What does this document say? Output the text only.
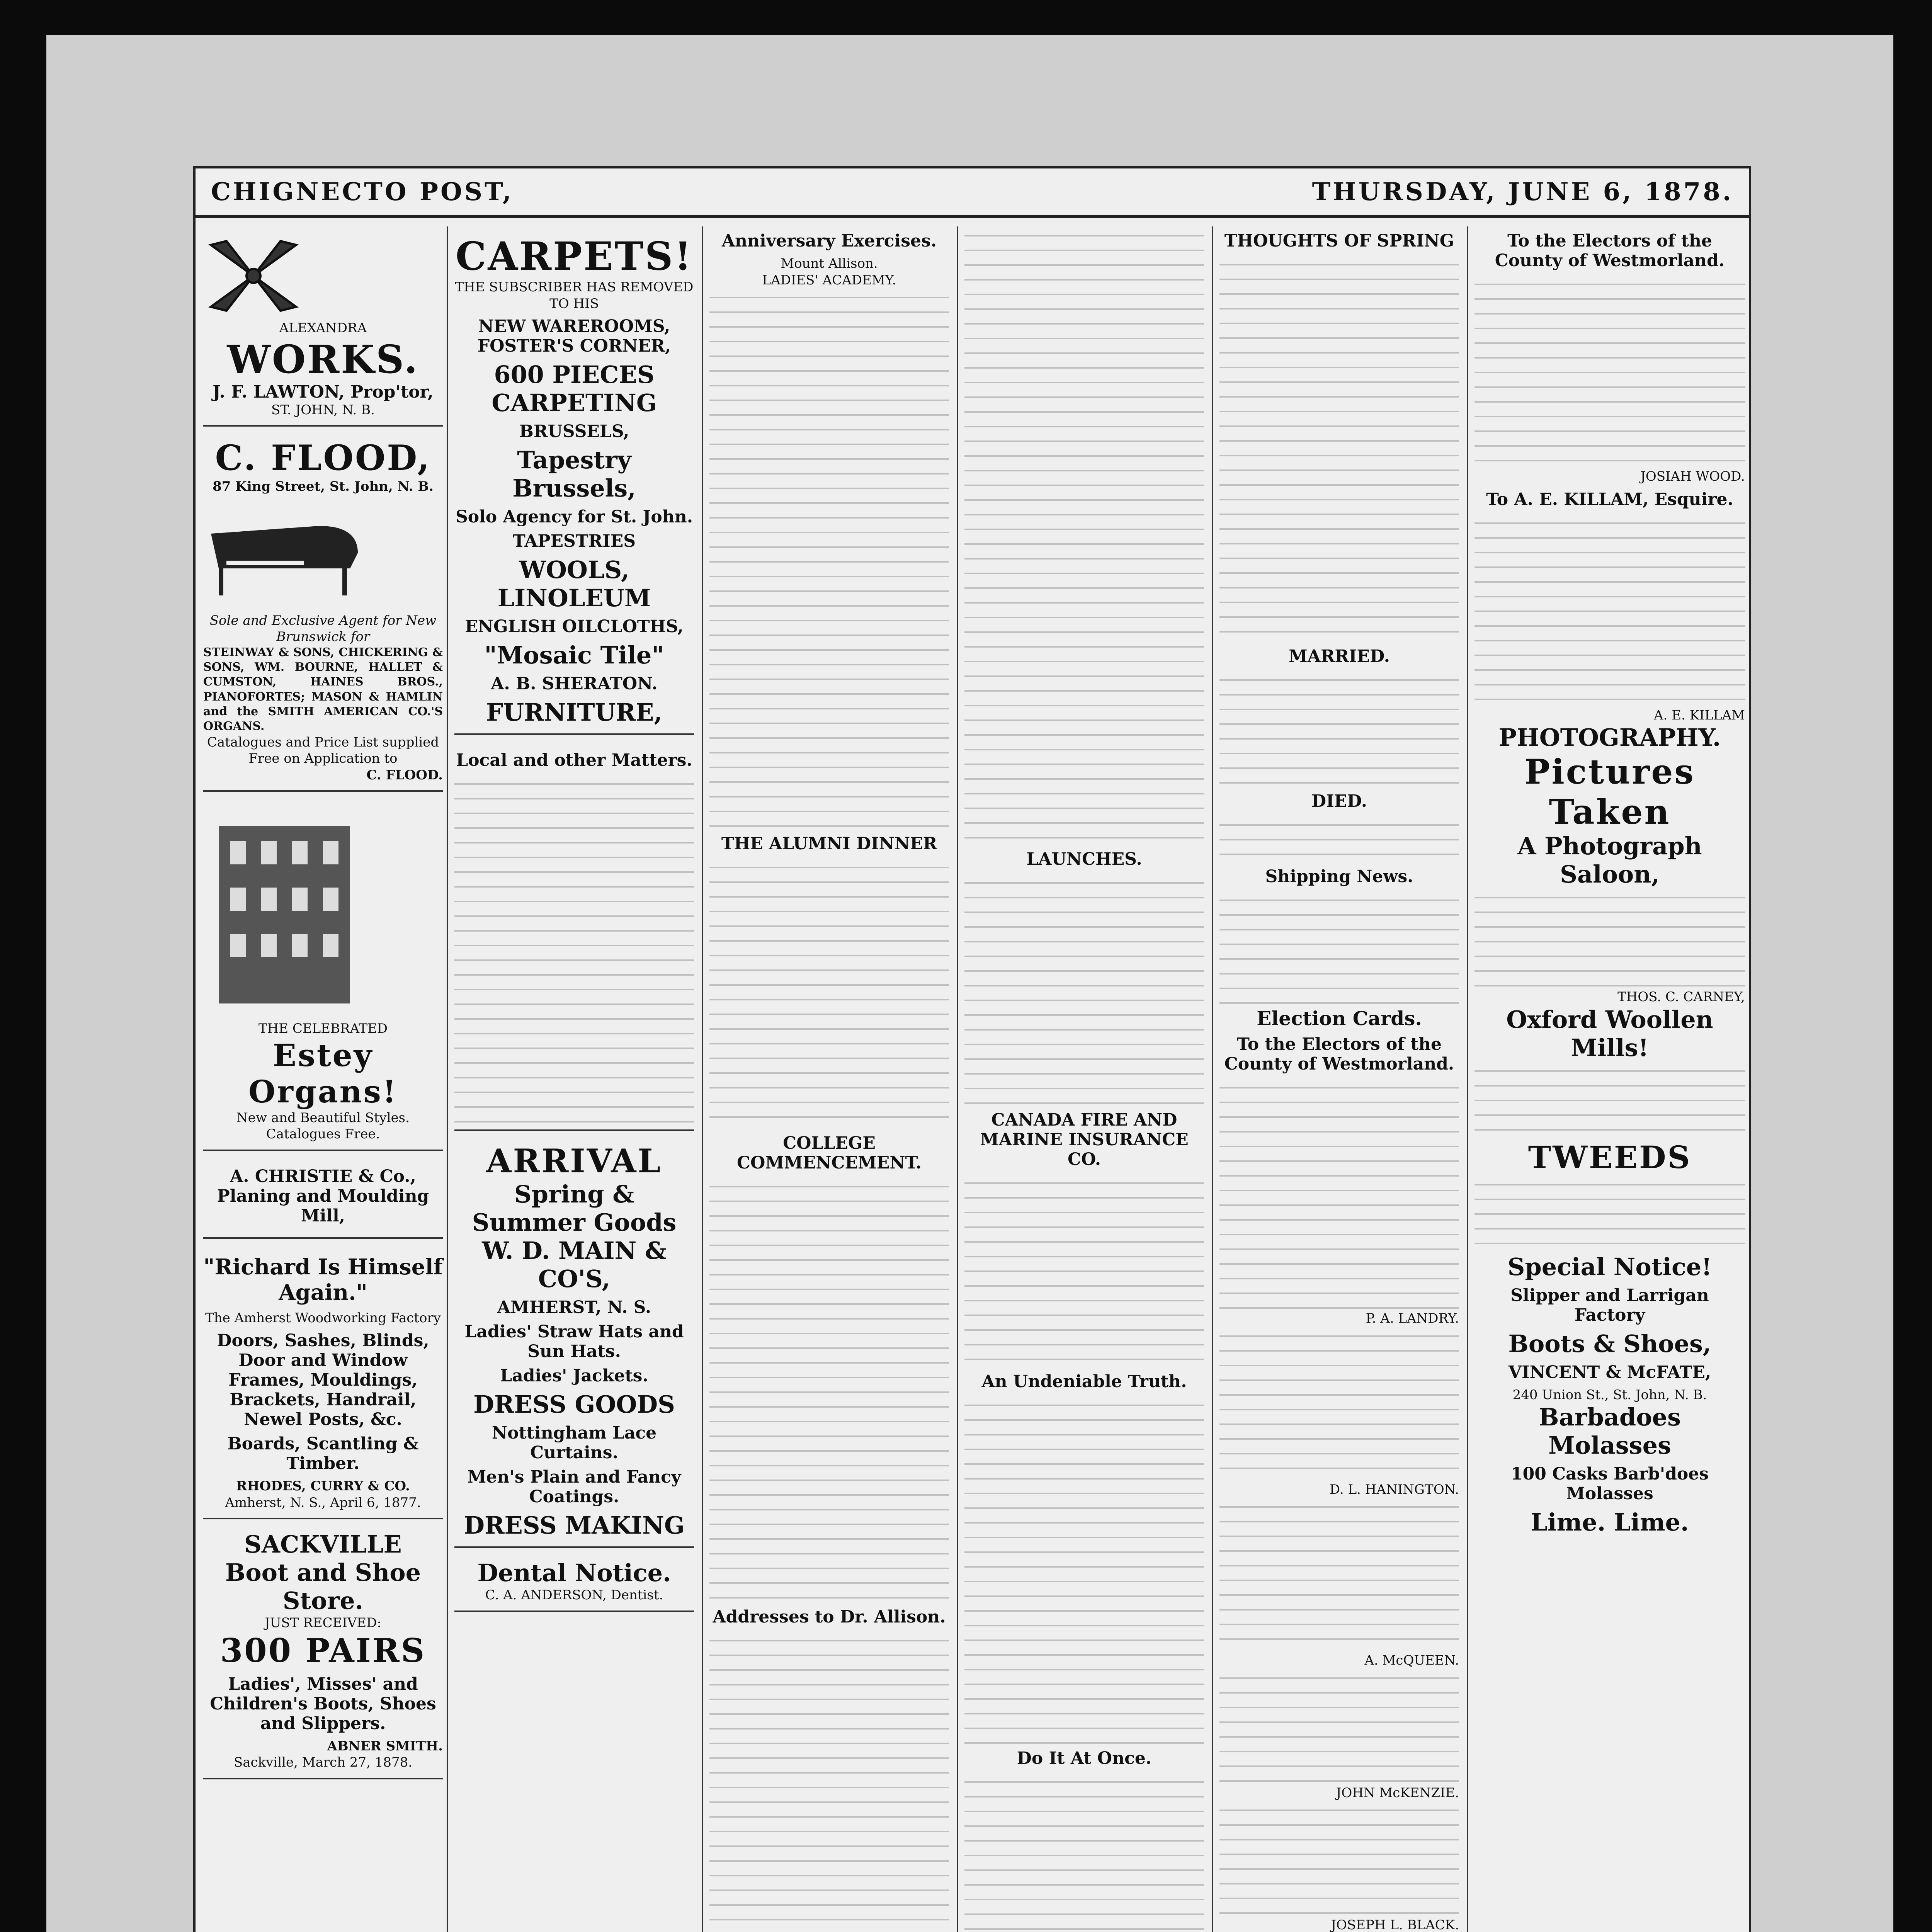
CHIGNECTO POST,	THURSDAY, JUNE 6, 1878.
ALEXANDRA
WORKS.
J. F. LAWTON, Prop'tor,
ST. JOHN, N. B.
C. FLOOD,
87 King Street, St. John, N. B.
Sole and Exclusive Agent for New Brunswick for
STEINWAY & SONS, CHICKERING & SONS, WM. BOURNE, HALLET & CUMSTON, HAINES BROS., PIANOFORTES; MASON & HAMLIN and the SMITH AMERICAN CO.'S ORGANS.
Catalogues and Price List supplied Free on Application to
C. FLOOD.
THE CELEBRATED
Estey Organs!
New and Beautiful Styles.
Catalogues Free.
A. CHRISTIE & Co., Planing and Moulding Mill,
"Richard Is Himself Again."
The Amherst Woodworking Factory
Doors, Sashes, Blinds, Door and Window Frames, Mouldings, Brackets, Handrail, Newel Posts, &c.
Boards, Scantling & Timber.
RHODES, CURRY & CO.
Amherst, N. S., April 6, 1877.
SACKVILLE
Boot and Shoe Store.
JUST RECEIVED:
300 PAIRS
Ladies', Misses' and Children's Boots, Shoes and Slippers.
ABNER SMITH.
Sackville, March 27, 1878.
CARPETS!
THE SUBSCRIBER HAS REMOVED TO HIS
NEW WAREROOMS, FOSTER'S CORNER,
600 PIECES
CARPETING
BRUSSELS,
Tapestry Brussels,
Solo Agency for St. John.
TAPESTRIES
WOOLS,
LINOLEUM
ENGLISH OILCLOTHS,
"Mosaic Tile"
A. B. SHERATON.
FURNITURE,
Local and other Matters.
ARRIVAL
Spring & Summer Goods
W. D. MAIN & CO'S,
AMHERST, N. S.
Ladies' Straw Hats and Sun Hats.
Ladies' Jackets.
DRESS GOODS
Nottingham Lace Curtains.
Men's Plain and Fancy Coatings.
DRESS MAKING
Dental Notice.
C. A. ANDERSON, Dentist.
Anniversary Exercises.
Mount Allison.
LADIES' ACADEMY.
THE ALUMNI DINNER
COLLEGE COMMENCEMENT.
Addresses to Dr. Allison.
LAUNCHES.
CANADA FIRE AND MARINE INSURANCE CO.
An Undeniable Truth.
Do It At Once.
THOUGHTS OF SPRING
MARRIED.
DIED.
Shipping News.
Election Cards.
To the Electors of the County of Westmorland.
P. A. LANDRY.
D. L. HANINGTON.
A. McQUEEN.
JOHN McKENZIE.
JOSEPH L. BLACK.
To the Electors of the County of Westmorland.
JOSIAH WOOD.
To A. E. KILLAM, Esquire.
A. E. KILLAM
PHOTOGRAPHY.
Pictures Taken
A Photograph Saloon,
THOS. C. CARNEY,
Oxford Woollen Mills!
TWEEDS
Special Notice!
Slipper and Larrigan Factory
Boots & Shoes,
VINCENT & McFATE,
240 Union St., St. John, N. B.
Barbadoes Molasses
100 Casks Barb'does Molasses
Lime. Lime.
